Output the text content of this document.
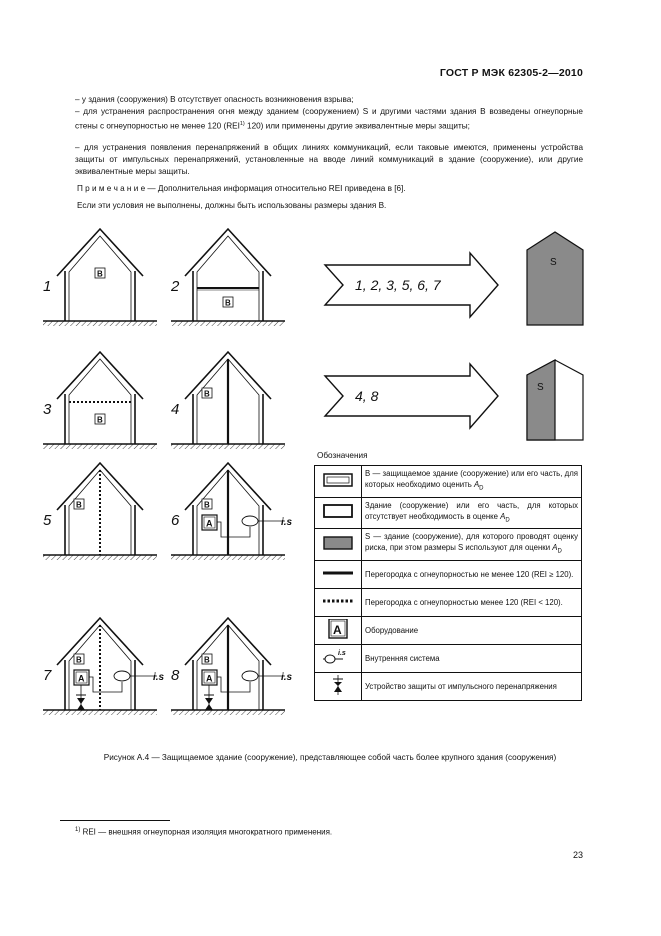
ГОСТ Р МЭК 62305-2—2010
– у здания (сооружения) В отсутствует опасность возникновения взрыва;
– для устранения распространения огня между зданием (сооружением) S и другими частями здания В возведены огнеупорные стены с огнеупорностью не менее 120 (REI$^{1)}$ 120) или применены другие эквивалентные меры защиты;
– для устранения появления перенапряжений в общих линиях коммуникаций, если таковые имеются, применены устройства защиты от импульсных перенапряжений, установленные на вводе линий коммуникаций в здание (сооружение), или другие эквивалентные меры защиты.
П р и м е ч а н и е — Дополнительная информация относительно REI приведена в [6].
Если эти условия не выполнены, должны быть использованы размеры здания В.
1
B
2
B
3
B
4
B
5
B
6
B
A	i.s
7
B
A	i.s 8
B
A	i.s
1, 2, 3, 5, 6, 7
4, 8
S
S
Обозначения
	B — защищаемое здание (сооружение) или его часть, для которых необходимо оценить $A_D$
	Здание (сооружение) или его часть, для которых отсутствует необходимость в оценке $A_D$
	S — здание (сооружение), для которого проводят оценку риска, при этом размеры S используют для оценки $A_D$
	Перегородка с огнеупорностью не менее 120 (REI ≥ 120).
	Перегородка с огнеупорностью менее 120 (REI < 120).

A	Оборудование

i.s	Внутренняя система
	Устройство защиты от импульсного перенапряжения
Рисунок А.4 — Защищаемое здание (сооружение), представляющее собой часть более крупного здания (сооружения)
$^{1)}$ REI — внешняя огнеупорная изоляция многократного применения.
23
